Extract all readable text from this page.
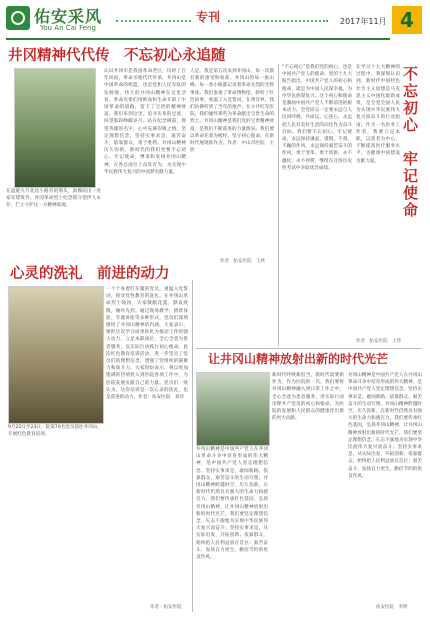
佑安采风
You An Cai Feng
专刊	2017年11月 4
井冈精神代代传　不忘初心永追随
在盘旋九月北边小路旁的那头，肃穆而出一处家军建筑外。井冈革命烈士纪念塔守望伊人永存，伫立守护这一方精神高地。
认识井冈市是我国革命老区，历经了百年风雨，革命圣地代代传承，井冈山是中国革命的摇篮，也是党和人民军队的发源地，伟大的井冈山精神在这里孕育。革命先辈们用鲜血和生命开辟了中国革命的道路，留下了宝贵的精神财富。我们来到这里，追寻先辈的足迹，回望那段峥嵘岁月。站在纪念碑前，仰望英雄的名字，心中充满崇敬之情。坚定理想信念，坚持实事求是，艰苦奋斗，依靠群众，勇于胜利。井冈山精神历久弥新，新时代的我们更要不忘初心、牢记使命，继承和发扬井冈山精神，在各自岗位上奋发有为，为实现中华民族伟大复兴的中国梦贡献力量。
人是，我是第五次来到井冈山，每一次都有新的感受和收获。井冈山的每一座山峰、每一条小路都记录着革命先烈的光辉事迹。我们参观了革命博物馆，聆听了红色故事，重温了入党誓词。在黄洋界，我们仿佛听到了当年的炮声；在小井红军医院，我们缅怀那些为革命献出宝贵生命的烈士。井冈山精神是我们党的宝贵精神财富，是我们不断前进的力量源泉。我们要以革命先辈为榜样，坚守初心使命，在新时代展现新作为。作者：中山市医院　王欣
作者：佑安医院　王欣
“不忘初心”是我们党的初心，也是中国共产党人的使命。党的十九大报告指出，中国共产党人的初心和使命，就是为中国人民谋幸福，为中华民族谋复兴。这个初心和使命是激励中国共产党人不断前进的根本动力。全党同志一定要永远与人民同呼吸、共命运、心连心，永远把人民对美好生活的向往作为奋斗目标。我们要不忘初心、牢记使命，永远保持谦虚、谨慎、不骄、不躁的作风，永远保持艰苦奋斗的作风，勇于变革、勇于创新，永不僵化、永不停滞，继续在这场历史性考试中争取优异成绩。
在学习十九大精神的过程中，我深刻认识到，新时代中国特色社会主义思想是马克思主义中国化最新成果，是全党全国人民为实现中华民族伟大复兴而奋斗的行动指南。作为一名医务工作者，我要立足本职，以患者为中心，不断提高医疗服务水平，为健康中国建设贡献力量。	不忘初心　牢记使命
作者：佑安医院　王伟
心灵的洗礼　前进的动力
一个个身着红军服的党员，重温入党誓词，接受党性教育的洗礼。在井冈山革命烈士陵园，大家敬献花篮，默哀致敬，缅怀先烈。通过现场教学、情景体验、专题讲座等多种形式，党员们深刻感悟了井冈山精神的内涵。大家表示，要把这次学习成果转化为推动工作的强大动力，立足本职岗位，全心全意为患者服务，以实际行动践行初心使命。此次红色教育培训活动，进一步坚定了党员们的理想信念，增强了党组织的凝聚力和战斗力。大家纷纷表示，将以更加饱满的热情投入到医院各项工作中，为医院发展贡献自己的力量。党员们一致认为，这次培训是一次心灵的洗礼，也是前进的动力。作者：佑安医院　刘洋
9月22日至23日，院第70名党员前往井冈山，开展红色教育培训。
作者：佑安医院
让井冈山精神放射出新的时代光芒
井冈山精神是中国共产党人在井冈山革命斗争中培育形成的伟大精神，是中国共产党人坚定理想信念、坚持实事求是、敢闯新路、依靠群众、艰苦奋斗的生动写照。井冈山精神跨越时空，历久弥新，在新时代仍然具有强大的生命力和感召力。我们要传承红色基因，弘扬井冈山精神，让井冈山精神放射出新的时代光芒。我们要坚定理想信念，矢志不渝地为实现中华民族伟大复兴而奋斗；坚持实事求是，从实际出发，开拓创新；依靠群众，始终把人民利益放在首位；艰苦奋斗，发扬自力更生、勤俭节约的优良作风。
新时代呼唤新担当，新时代需要新作为。作为医院的一员，我们要将井冈山精神融入到日常工作之中，全心全意为患者服务，用实际行动诠释共产党员的初心和使命，为医院的发展和人民群众的健康作出新的更大贡献。
井冈山精神是中国共产党人在井冈山革命斗争中培育形成的伟大精神，是中国共产党人坚定理想信念、坚持实事求是、敢闯新路、依靠群众、艰苦奋斗的生动写照。井冈山精神跨越时空，历久弥新，在新时代仍然具有强大的生命力和感召力。我们要传承红色基因，弘扬井冈山精神，让井冈山精神放射出新的时代光芒。我们要坚定理想信念，矢志不渝地为实现中华民族伟大复兴而奋斗；坚持实事求是，从实际出发，开拓创新；依靠群众，始终把人民利益放在首位；艰苦奋斗，发扬自力更生、勤俭节约的优良作风。
佑安医院　李明
